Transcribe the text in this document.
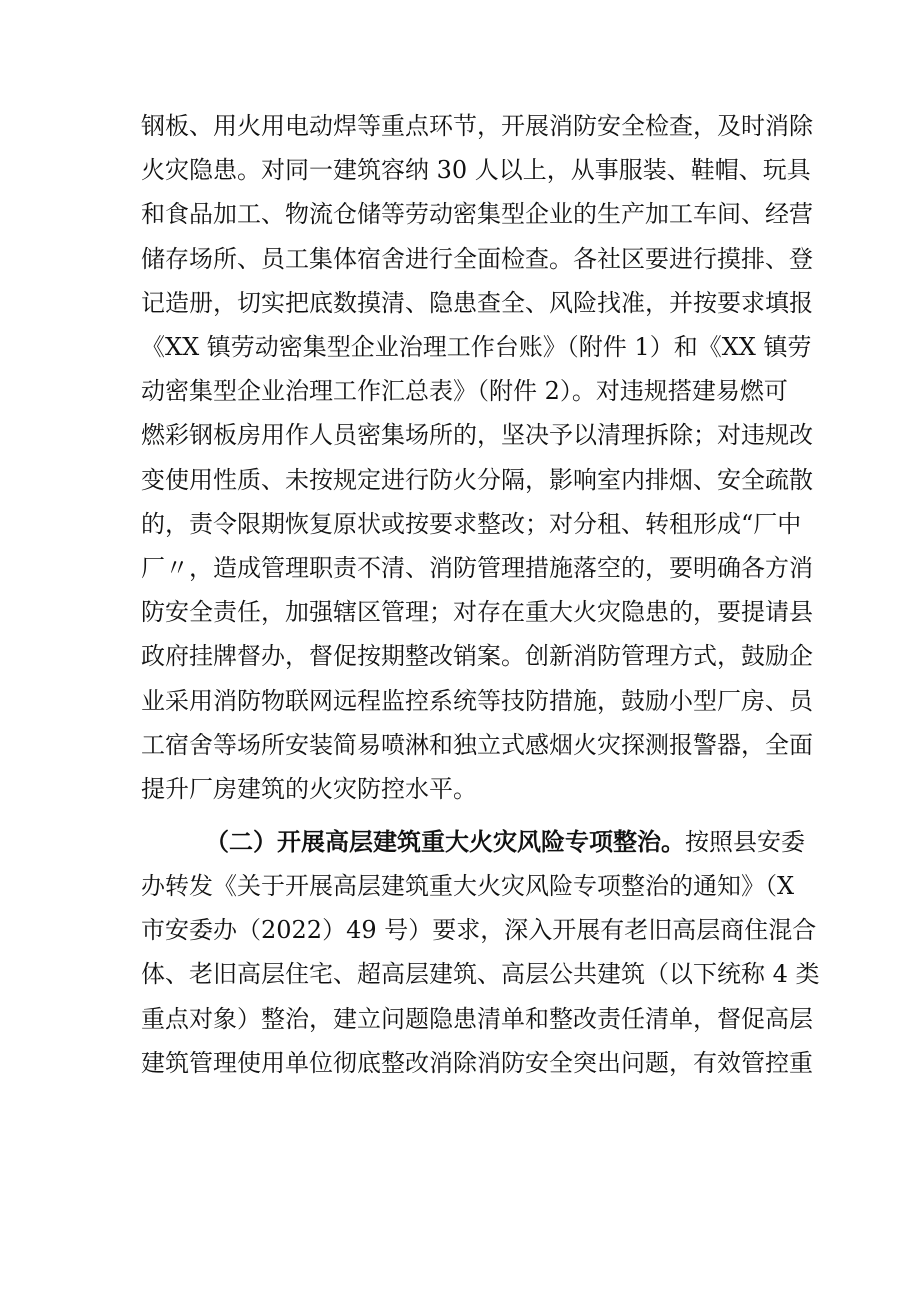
钢板、用火用电动焊等重点环节，开展消防安全检查，及时消除
火灾隐患。对同一建筑容纳 30 人以上，从事服装、鞋帽、玩具
和食品加工、物流仓储等劳动密集型企业的生产加工车间、经营
储存场所、员工集体宿舍进行全面检查。各社区要进行摸排、登
记造册，切实把底数摸清、隐患查全、风险找准，并按要求填报
《XX 镇劳动密集型企业治理工作台账》（附件 1）和《XX 镇劳
动密集型企业治理工作汇总表》（附件 2）。对违规搭建易燃可
燃彩钢板房用作人员密集场所的，坚决予以清理拆除；对违规改
变使用性质、未按规定进行防火分隔，影响室内排烟、安全疏散
的，责令限期恢复原状或按要求整改；对分租、转租形成“厂中
厂〃，造成管理职责不清、消防管理措施落空的，要明确各方消
防安全责任，加强辖区管理；对存在重大火灾隐患的，要提请县
政府挂牌督办，督促按期整改销案。创新消防管理方式，鼓励企
业采用消防物联网远程监控系统等技防措施，鼓励小型厂房、员
工宿舍等场所安装简易喷淋和独立式感烟火灾探测报警器，全面
提升厂房建筑的火灾防控水平。
（二）开展高层建筑重大火灾风险专项整治。按照县安委
办转发《关于开展高层建筑重大火灾风险专项整治的通知》（X
市安委办（2022）49 号）要求，深入开展有老旧高层商住混合
体、老旧高层住宅、超高层建筑、高层公共建筑（以下统称 4 类
重点对象）整治，建立问题隐患清单和整改责任清单，督促高层
建筑管理使用单位彻底整改消除消防安全突出问题，有效管控重
